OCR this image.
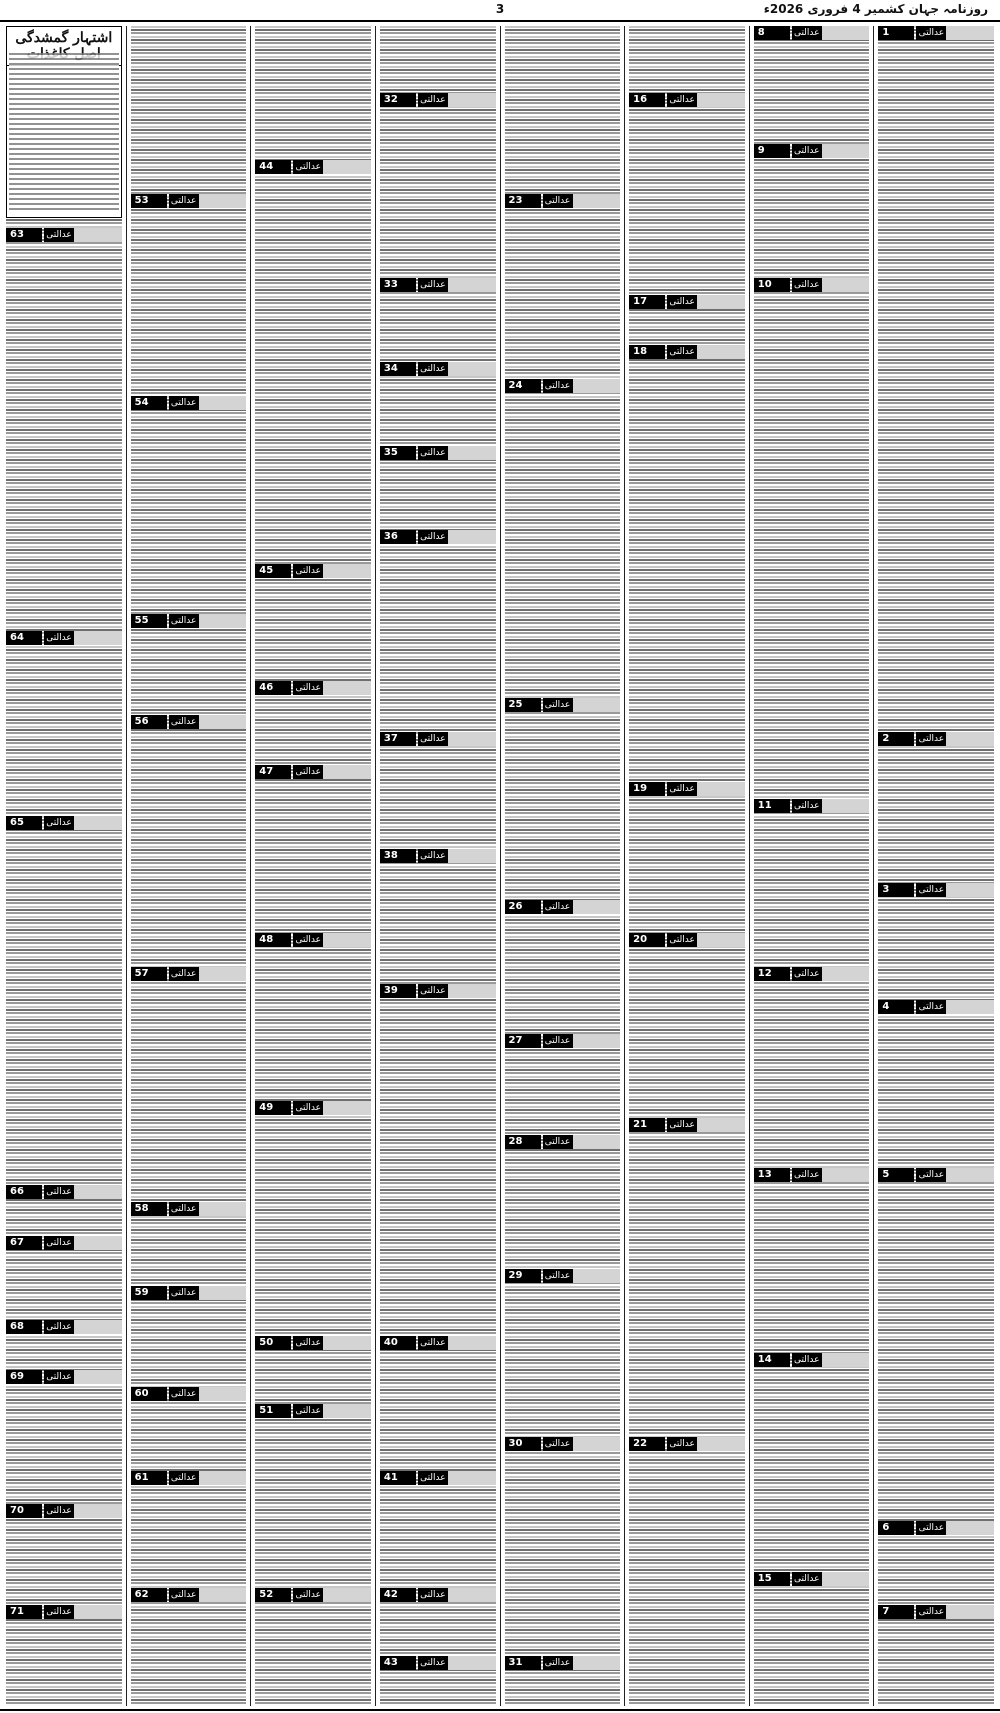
3	روزنامہ جہان کشمیر 4 فروری 2026ء
1	عدالتی
2	عدالتی
3	عدالتی
4	عدالتی
5	عدالتی
6	عدالتی
7	عدالتی
8	عدالتی
9	عدالتی
10	عدالتی
11	عدالتی
12	عدالتی
13	عدالتی
14	عدالتی
15	عدالتی
16	عدالتی
17	عدالتی
18	عدالتی
19	عدالتی
20	عدالتی
21	عدالتی
22	عدالتی
23	عدالتی
24	عدالتی
25	عدالتی
26	عدالتی
27	عدالتی
28	عدالتی
29	عدالتی
30	عدالتی
31	عدالتی
32	عدالتی
33	عدالتی
34	عدالتی
35	عدالتی
36	عدالتی
37	عدالتی
38	عدالتی
39	عدالتی
40	عدالتی
41	عدالتی
42	عدالتی
43	عدالتی
44	عدالتی
45	عدالتی
46	عدالتی
47	عدالتی
48	عدالتی
49	عدالتی
50	عدالتی
51	عدالتی
52	عدالتی
53	عدالتی
54	عدالتی
55	عدالتی
56	عدالتی
57	عدالتی
58	عدالتی
59	عدالتی
60	عدالتی
61	عدالتی
62	عدالتی
اشتہار گمشدگی
63	عدالتی
64	عدالتی
65	عدالتی
66	عدالتی
67	عدالتی
68	عدالتی
69	عدالتی
70	عدالتی
71	عدالتی
